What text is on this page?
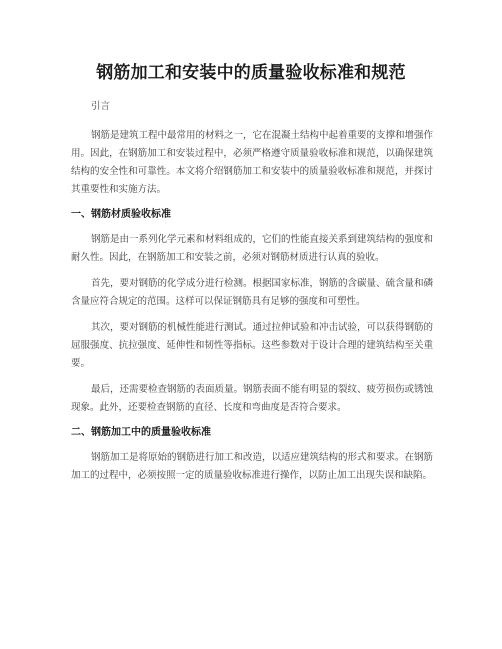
钢筋加工和安装中的质量验收标准和规范

引言

钢筋是建筑工程中最常用的材料之一，它在混凝土结构中起着重要的支撑和增强作用。因此，在钢筋加工和安装过程中，必须严格遵守质量验收标准和规范，以确保建筑结构的安全性和可靠性。本文将介绍钢筋加工和安装中的质量验收标准和规范，并探讨其重要性和实施方法。

一、钢筋材质验收标准

钢筋是由一系列化学元素和材料组成的，它们的性能直接关系到建筑结构的强度和耐久性。因此，在钢筋加工和安装之前，必须对钢筋材质进行认真的验收。

首先，要对钢筋的化学成分进行检测。根据国家标准，钢筋的含碳量、硫含量和磷含量应符合规定的范围。这样可以保证钢筋具有足够的强度和可塑性。

其次，要对钢筋的机械性能进行测试。通过拉伸试验和冲击试验，可以获得钢筋的屈服强度、抗拉强度、延伸性和韧性等指标。这些参数对于设计合理的建筑结构至关重要。

最后，还需要检查钢筋的表面质量。钢筋表面不能有明显的裂纹、疲劳损伤或锈蚀现象。此外，还要检查钢筋的直径、长度和弯曲度是否符合要求。

二、钢筋加工中的质量验收标准

钢筋加工是将原始的钢筋进行加工和改造，以适应建筑结构的形式和要求。在钢筋加工的过程中，必须按照一定的质量验收标准进行操作，以防止加工出现失误和缺陷。
